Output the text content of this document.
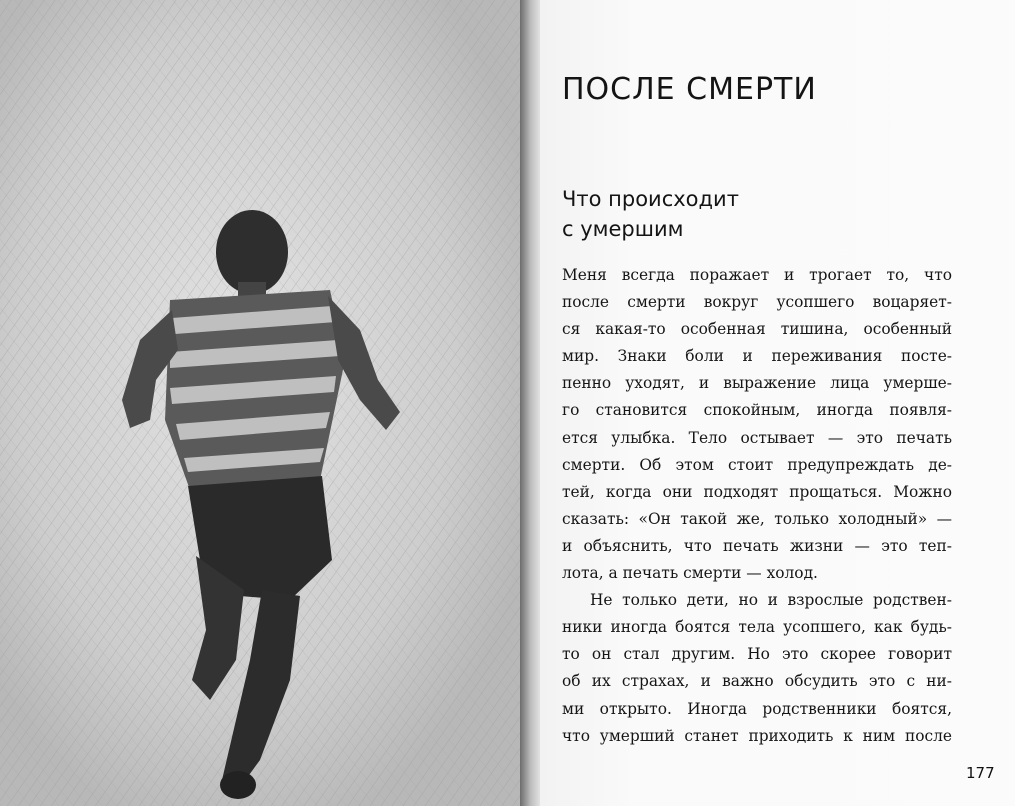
ПОСЛЕ СМЕРТИ
Что происходит
с умершим
Меня всегда поражает и трогает то, что
после смерти вокруг усопшего воцаряет-
ся какая-то особенная тишина, особенный
мир. Знаки боли и переживания посте-
пенно уходят, и выражение лица умерше-
го становится спокойным, иногда появля-
ется улыбка. Тело остывает — это печать
смерти. Об этом стоит предупреждать де-
тей, когда они подходят прощаться. Можно
сказать: «Он такой же, только холодный» —
и объяснить, что печать жизни — это теп-
лота, а печать смерти — холод.
Не только дети, но и взрослые родствен-
ники иногда боятся тела усопшего, как будь-
то он стал другим. Но это скорее говорит
об их страхах, и важно обсудить это с ни-
ми открыто. Иногда родственники боятся,
что умерший станет приходить к ним после
177
